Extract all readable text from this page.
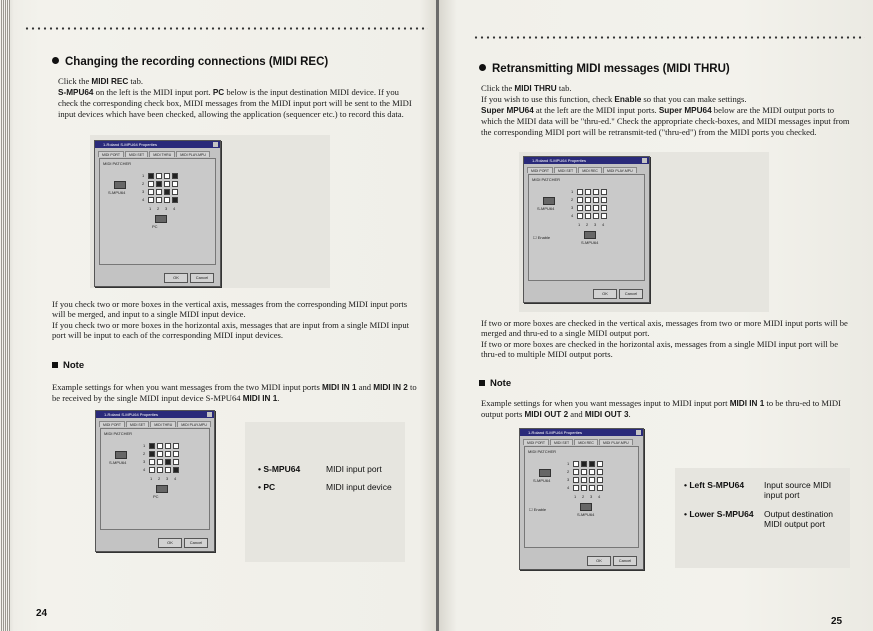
Changing the recording connections (MIDI REC)
Click the MIDI REC tab.
S-MPU64 on the left is the MIDI input port. PC below is the input destination MIDI device. If you check the corresponding check box, MIDI messages from the MIDI input port will be sent to the MIDI input devices which have been checked, allowing the application (sequencer etc.) to record this data.
1-Roland S-MPU64 Properties
MIDI PORT	MIDI SET	MIDI THRU	MIDI PLAY-MPU
MIDI PATCHER
1
2
3
4
1 2 3 4
S-MPU64
PC
OK	Cancel
If you check two or more boxes in the vertical axis, messages from the corresponding MIDI input ports will be merged, and input to a single MIDI input device.
If you check two or more boxes in the horizontal axis, messages that are input from a single MIDI input port will be input to each of the corresponding MIDI input devices.
Note
Example settings for when you want messages from the two MIDI input ports MIDI IN 1 and MIDI IN 2 to be received by the single MIDI input device S-MPU64 MIDI IN 1.
1-Roland S-MPU64 Properties
MIDI PORT	MIDI SET	MIDI THRU	MIDI PLAY-MPU
MIDI PATCHER
1
2
3
4
1 2 3 4
S-MPU64
PC
OK	Cancel
• S-MPU64	MIDI input port
• PC	MIDI input device
24
Retransmitting MIDI messages (MIDI THRU)
Click the MIDI THRU tab.
If you wish to use this function, check Enable so that you can make settings.
Super MPU64 at the left are the MIDI input ports. Super MPU64 below are the MIDI output ports to which the MIDI data will be "thru-ed." Check the appropriate check-boxes, and MIDI messages input from the corresponding MIDI port will be retransmit-ted ("thru-ed") from the MIDI ports you checked.
1-Roland S-MPU64 Properties
MIDI PORT	MIDI SET	MIDI REC	MIDI PLAY-MPU
MIDI PATCHER
1
2
3
4
1 2 3 4
S-MPU64
S-MPU64
☐ Enable
OK	Cancel
If two or more boxes are checked in the vertical axis, messages from two or more MIDI input ports will be merged and thru-ed to a single MIDI output port.
If two or more boxes are checked in the horizontal axis, messages from a single MIDI input port will be thru-ed to multiple MIDI output ports.
Note
Example settings for when you want messages input to MIDI input port MIDI IN 1 to be thru-ed to MIDI output ports MIDI OUT 2 and MIDI OUT 3.
1-Roland S-MPU64 Properties
MIDI PORT	MIDI SET	MIDI REC	MIDI PLAY-MPU
MIDI PATCHER
1
2
3
4
1 2 3 4
S-MPU64
S-MPU64
☐ Enable
OK	Cancel
• Left S-MPU64	Input source MIDI input port
• Lower S-MPU64	Output destination MIDI output port
25
